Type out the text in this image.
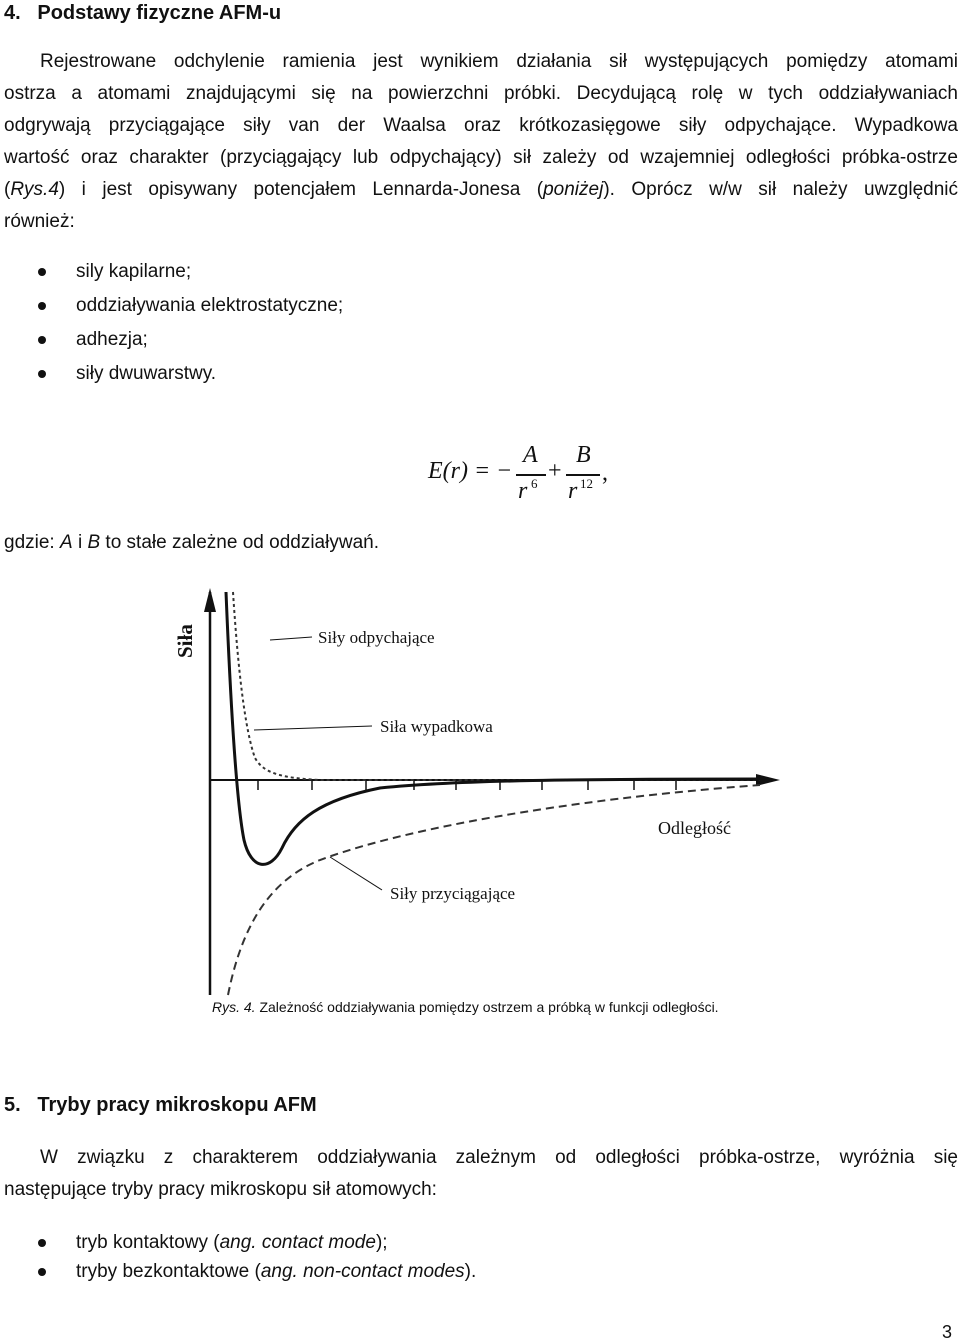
4.   Podstawy fizyczne AFM-u
Rejestrowane odchylenie ramienia jest wynikiem działania sił występujących pomiędzy atomami
ostrza a atomami znajdującymi się na powierzchni próbki. Decydującą rolę w tych oddziaływaniach
odgrywają przyciągające siły van der Waalsa oraz krótkozasięgowe siły odpychające. Wypadkowa
wartość oraz charakter (przyciągający lub odpychający) sił zależy od wzajemniej odległości próbka-ostrze
(Rys.4) i jest opisywany potencjałem Lennarda-Jonesa (poniżej). Oprócz w/w sił należy uwzględnić
również:
sily kapilarne;
oddziaływania elektrostatyczne;
adhezja;
siły dwuwarstwy.
E(r) = −
A
r 6 +
B
r 12 ,
gdzie: A i B to stałe zależne od oddziaływań.
Siła	Siły odpychające
Siła wypadkowa
Odległość
Siły przyciągające
Rys. 4. Zależność oddziaływania pomiędzy ostrzem a próbką w funkcji odległości.
5.   Tryby pracy mikroskopu AFM
W związku z charakterem oddziaływania zależnym od odległości próbka-ostrze, wyróżnia się
następujące tryby pracy mikroskopu sił atomowych:
tryb kontaktowy (ang. contact mode);
tryby bezkontaktowe (ang. non-contact modes).
3
